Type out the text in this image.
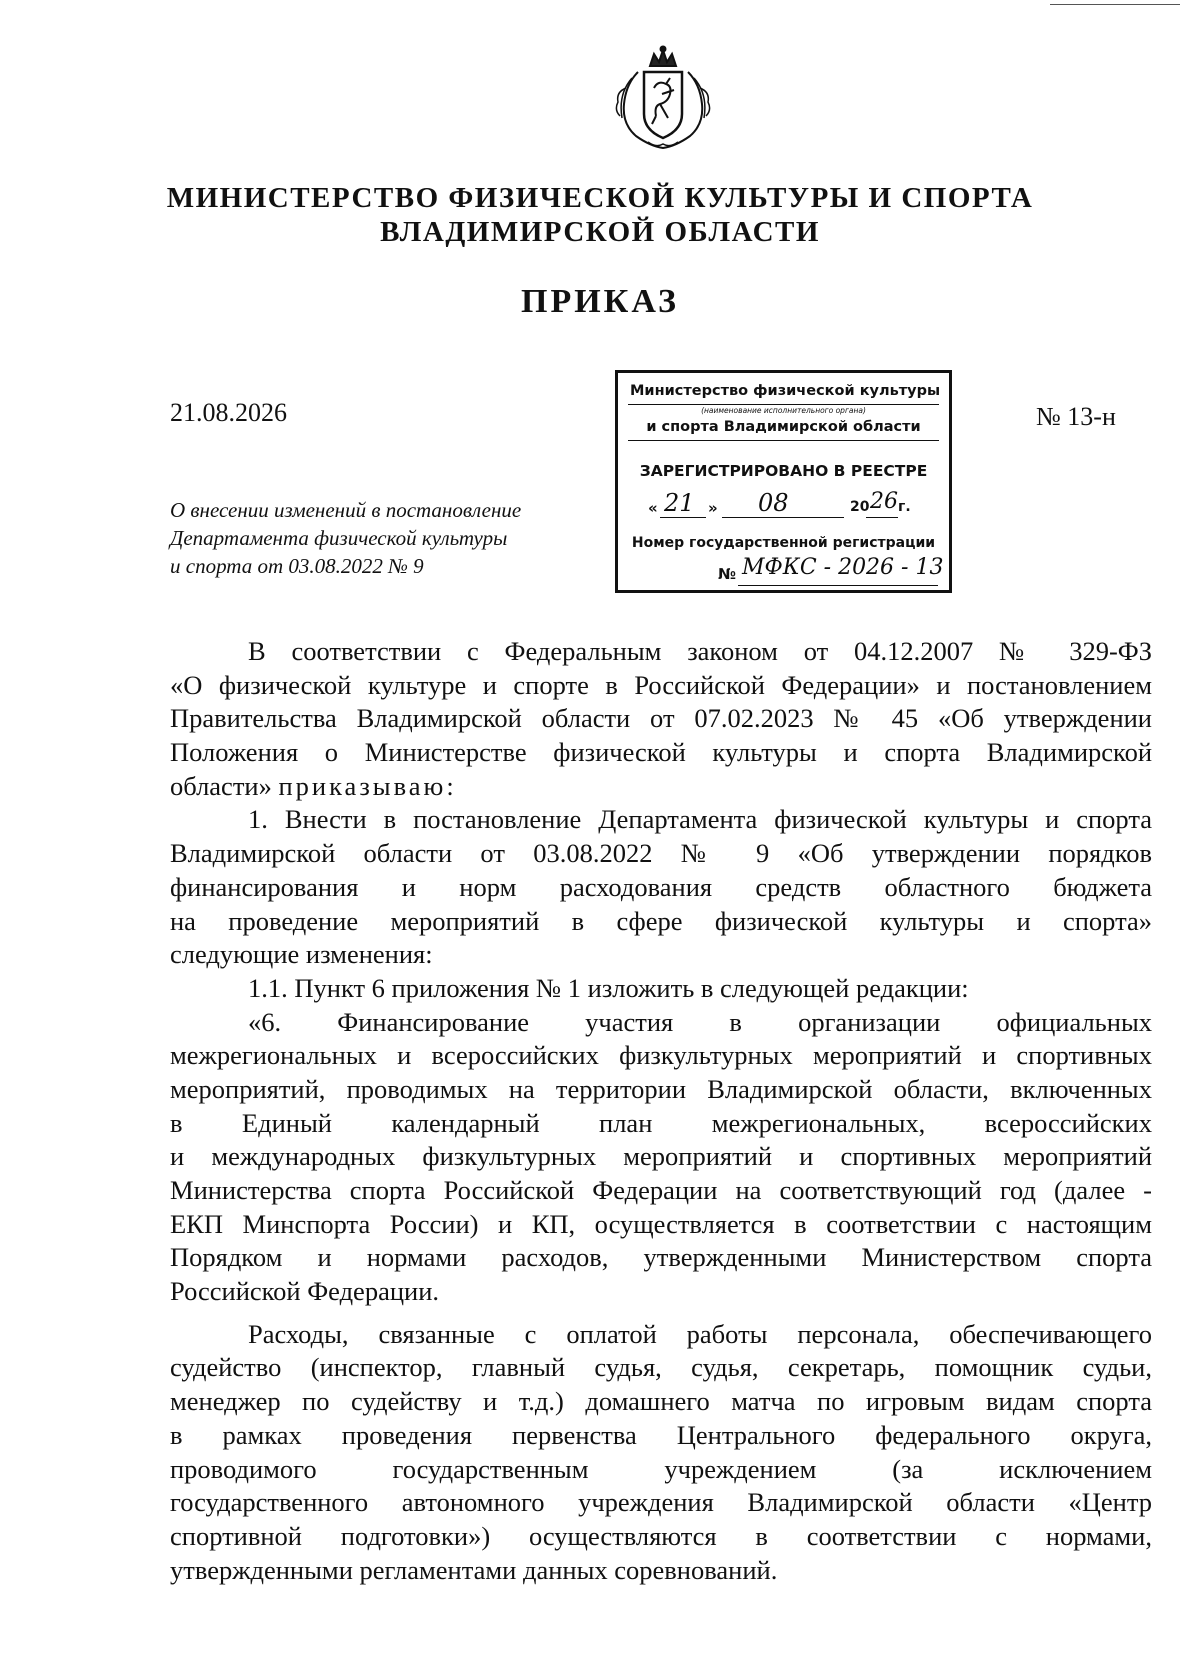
МИНИСТЕРСТВО ФИЗИЧЕСКОЙ КУЛЬТУРЫ И СПОРТА
ВЛАДИМИРСКОЙ ОБЛАСТИ
ПРИКАЗ
21.08.2026	№ 13-н
О внесении изменений в постановление
Департамента физической культуры
и спорта от 03.08.2022 № 9
Министерство физической культуры
(наименование исполнительного органа)
и спорта Владимирской области
ЗАРЕГИСТРИРОВАНО В РЕЕСТРЕ
« 21 » 08	20 26 г.
Номер государственной регистрации
№ МФКС - 2026 - 13
В соответствии с Федеральным законом от 04.12.2007 № 329-ФЗ
«О физической культуре и спорте в Российской Федерации» и постановлением
Правительства Владимирской области от 07.02.2023 № 45 «Об утверждении
Положения о Министерстве физической культуры и спорта Владимирской
области» приказываю:
1. Внести в постановление Департамента физической культуры и спорта
Владимирской области от 03.08.2022 № 9 «Об утверждении порядков
финансирования и норм расходования средств областного бюджета
на проведение мероприятий в сфере физической культуры и спорта»
следующие изменения:
1.1. Пункт 6 приложения № 1 изложить в следующей редакции:
«6. Финансирование участия в организации официальных
межрегиональных и всероссийских физкультурных мероприятий и спортивных
мероприятий, проводимых на территории Владимирской области, включенных
в Единый календарный план межрегиональных, всероссийских
и международных физкультурных мероприятий и спортивных мероприятий
Министерства спорта Российской Федерации на соответствующий год (далее -
ЕКП Минспорта России) и КП, осуществляется в соответствии с настоящим
Порядком и нормами расходов, утвержденными Министерством спорта
Российской Федерации.
Расходы, связанные с оплатой работы персонала, обеспечивающего
судейство (инспектор, главный судья, судья, секретарь, помощник судьи,
менеджер по судейству и т.д.) домашнего матча по игровым видам спорта
в рамках проведения первенства Центрального федерального округа,
проводимого государственным учреждением (за исключением
государственного автономного учреждения Владимирской области «Центр
спортивной подготовки») осуществляются в соответствии с нормами,
утвержденными регламентами данных соревнований.
